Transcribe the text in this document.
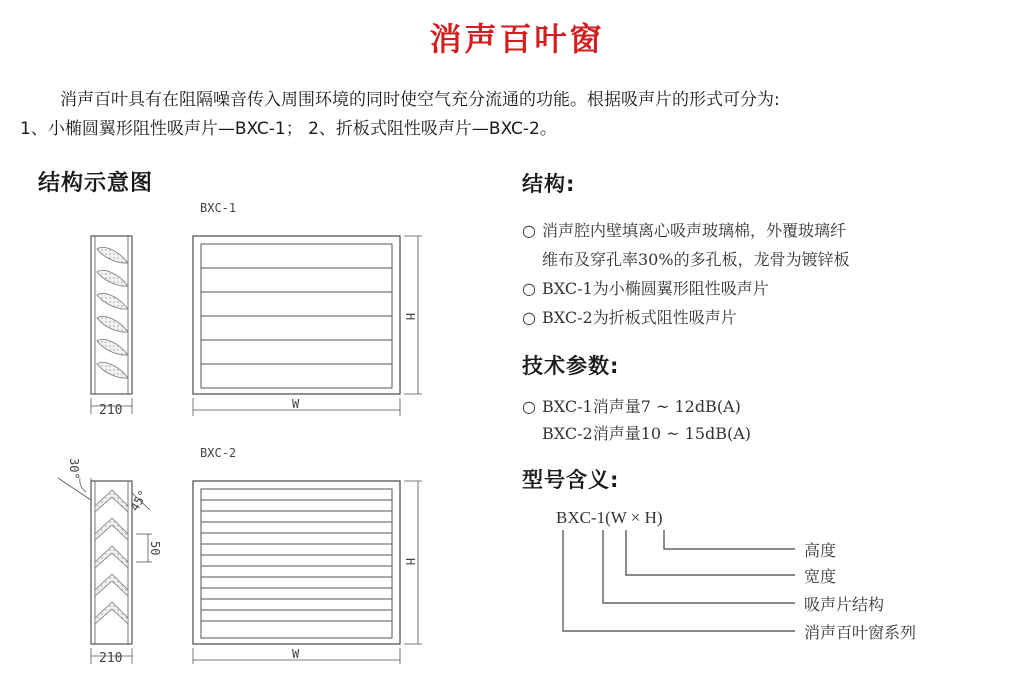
消声百叶窗
消声百叶具有在阻隔噪音传入周围环境的同时使空气充分流通的功能。根据吸声片的形式可分为:
1、小椭圆翼形阻性吸声片—BXC-1； 2、折板式阻性吸声片—BXC-2。
结构示意图
BXC-1
210	W
H
BXC-2
30°
45°
50
210	W
H
结构:
○ 消声腔内壁填离心吸声玻璃棉，外覆玻璃纤
维布及穿孔率30%的多孔板，龙骨为镀锌板
○ BXC-1为小椭圆翼形阻性吸声片
○ BXC-2为折板式阻性吸声片
技术参数:
○ BXC-1消声量7 ~ 12dB(A)
BXC-2消声量10 ~ 15dB(A)
型号含义:
BXC-1(W × H)
高度
宽度
吸声片结构
消声百叶窗系列
